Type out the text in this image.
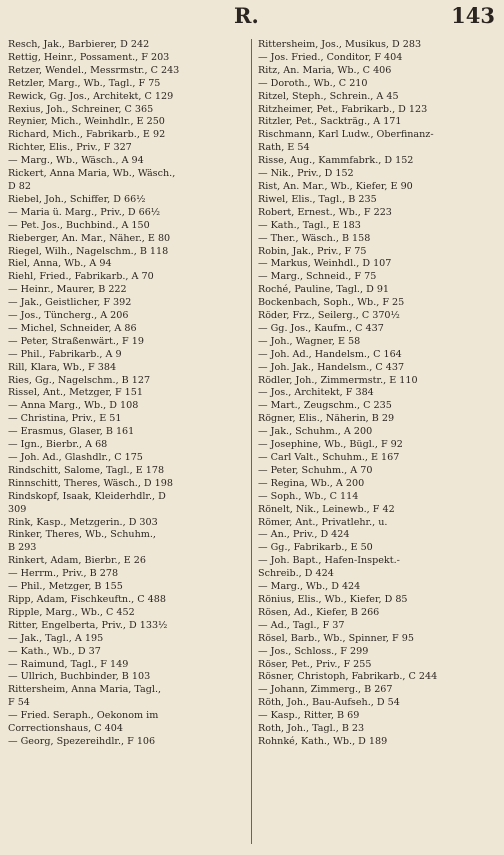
R.	143
Resch, Jak., Barbierer, D 242
Rettig, Heinr., Possament., F 203
Retzer, Wendel., Messrmstr., C 243
Retzler, Marg., Wb., Tagl., F 75
Rewick, Gg. Jos., Architekt, C 129
Rexius, Joh., Schreiner, C 365
Reynier, Mich., Weinhdlr., E 250
Richard, Mich., Fabrikarb., E 92
Richter, Elis., Priv., F 327
— Marg., Wb., Wäsch., A 94
Rickert, Anna Maria, Wb., Wäsch.,
D 82
Riebel, Joh., Schiffer, D 66½
— Maria ü. Marg., Priv., D 66½
— Pet. Jos., Buchbind., A 150
Rieberger, An. Mar., Näher., E 80
Riegel, Wilh., Nagelschm., B 118
Riel, Anna, Wb., A 94
Riehl, Fried., Fabrikarb., A 70
— Heinr., Maurer, B 222
— Jak., Geistlicher, F 392
— Jos., Tüncherg., A 206
— Michel, Schneider, A 86
— Peter, Straßenwärt., F 19
— Phil., Fabrikarb., A 9
Rill, Klara, Wb., F 384
Ries, Gg., Nagelschm., B 127
Rissel, Ant., Metzger, F 151
— Anna Marg., Wb., D 108
— Christina, Priv., E 51
— Erasmus, Glaser, B 161
— Ign., Bierbr., A 68
— Joh. Ad., Glashdlr., C 175
Rindschitt, Salome, Tagl., E 178
Rinnschitt, Theres, Wäsch., D 198
Rindskopf, Isaak, Kleiderhdlr., D
309
Rink, Kasp., Metzgerin., D 303
Rinker, Theres, Wb., Schuhm.,
B 293
Rinkert, Adam, Bierbr., E 26
— Herrm., Priv., B 278
— Phil., Metzger, B 155
Ripp, Adam, Fischkeuftn., C 488
Ripple, Marg., Wb., C 452
Ritter, Engelberta, Priv., D 133½
— Jak., Tagl., A 195
— Kath., Wb., D 37
— Raimund, Tagl., F 149
— Ullrich, Buchbinder, B 103
Rittersheim, Anna Maria, Tagl.,
F 54
— Fried. Seraph., Oekonom im
Correctionshaus, C 404
— Georg, Spezereihdlr., F 106
Rittersheim, Jos., Musikus, D 283
— Jos. Fried., Conditor, F 404
Ritz, An. Maria, Wb., C 406
— Doroth., Wb., C 210
Ritzel, Steph., Schrein., A 45
Ritzheimer, Pet., Fabrikarb., D 123
Ritzler, Pet., Sackträg., A 171
Rischmann, Karl Ludw., Oberfinanz-
Rath, E 54
Risse, Aug., Kammfabrk., D 152
— Nik., Priv., D 152
Rist, An. Mar., Wb., Kiefer, E 90
Riwel, Elis., Tagl., B 235
Robert, Ernest., Wb., F 223
— Kath., Tagl., E 183
— Ther., Wäsch., B 158
Robin, Jak., Priv., F 75
— Markus, Weinhdl., D 107
— Marg., Schneid., F 75
Roché, Pauline, Tagl., D 91
Bockenbach, Soph., Wb., F 25
Röder, Frz., Seilerg., C 370½
— Gg. Jos., Kaufm., C 437
— Joh., Wagner, E 58
— Joh. Ad., Handelsm., C 164
— Joh. Jak., Handelsm., C 437
Rödler, Joh., Zimmermstr., E 110
— Jos., Architekt, F 384
— Mart., Zeugschm., C 235
Rögner, Elis., Näherin, B 29
— Jak., Schuhm., A 200
— Josephine, Wb., Bügl., F 92
— Carl Valt., Schuhm., E 167
— Peter, Schuhm., A 70
— Regina, Wb., A 200
— Soph., Wb., C 114
Rönelt, Nik., Leinewb., F 42
Römer, Ant., Privatlehr., u.
— An., Priv., D 424
— Gg., Fabrikarb., E 50
— Joh. Bapt., Hafen-Inspekt.-
Schreib., D 424
— Marg., Wb., D 424
Rönius, Elis., Wb., Kiefer, D 85
Rösen, Ad., Kiefer, B 266
— Ad., Tagl., F 37
Rösel, Barb., Wb., Spinner, F 95
— Jos., Schloss., F 299
Röser, Pet., Priv., F 255
Rösner, Christoph, Fabrikarb., C 244
— Johann, Zimmerg., B 267
Röth, Joh., Bau-Aufseh., D 54
— Kasp., Ritter, B 69
Roth, Joh., Tagl., B 23
Rohnké, Kath., Wb., D 189
